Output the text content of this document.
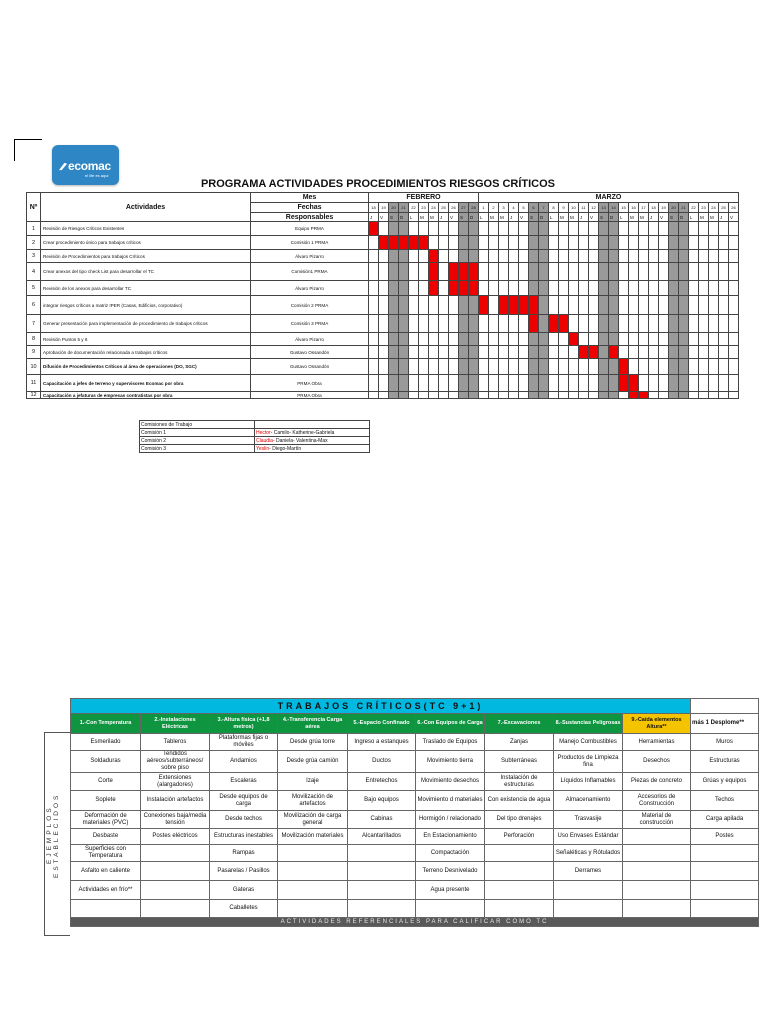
ecomac
el life es aqui
PROGRAMA ACTIVIDADES PROCEDIMIENTOS RIESGOS CRÍTICOS
Nº	Actividades	Mes	FEBRERO											MARZO																									
		Fechas	18	19	20	21	22	23	24	25	26	27	28	1	2	3	4	5	6	7	8	9	10	11	12	13	14	15	16	17	18	19	20	21	22	23	24	25	26
		Responsables	J	V	S	D	L	M	M	J	V	S	D	L	M	M	J	V	S	D	L	M	M	J	V	S	D	L	M	M	J	V	S	D	L	M	M	J	V
1	Revisión de Riesgos Críticos Existentes	Equipo PRMA																																					
2	Crear procedimiento único para trabajos críticos	Comisión 1 PRMA																																					
3	Revisión de Procedimientos para trabajos Críticos	Álvaro Pizarro																																					
4	Crear anexos del tipo check List para desarrollar el TC	Comisión1 PRMA																																					
5	Revisión de los anexos para desarrollar TC	Álvaro Pizarro																																					
6	integrar riesgos críticos a matriz IPER (Casas, Edificios, corporativo)	Comisión 2 PRMA																																					
7	Generar presentación para implementación de procedimiento de trabajos críticos	Comisión 3 PRMA																																					
8	Revisión Puntos 5 y 6	Álvaro Pizarro																																					
9	Aprobación de documentación relacionada a trabajos críticos	Gustavo Ossandón																																					
10	Difusión de Procedimientos Críticos al área de operaciones (DO, SGC)	Gustavo Ossandón																																					
11	Capacitación a jefes de terreno y supervisores Ecomac por obra	PRMA Obra																																					
12	Capacitación a jefaturas de empresas contratistas por obra	PRMA Obra																																					
Comisiones de Trabajo	
Comisión 1	Hector- Camilo- Katherine-Gabriela
Comisión 2	Claudia- Daniela- Valentina-Max
Comisión 3	Yeslin- Diego-Martín
EJEMPLOS ESTABLECIDOS
TRABAJOS CRÍTICOS(TC 9+1)									
1.-Con Temperatura	2.-Instalaciones Eléctricas	3.-Altura física (+1,8 metros)	4.-Transferencia Carga aérea	5.-Espacio Confinado	6.-Con Equipos de Carga	7.-Excavaciones	8.-Sustancias Peligrosas	9.-Caída elementos Altura**	más 1 Desplome**
Esmerilado	Tableros	Plataformas fijas o móviles	Desde grúa torre	Ingreso a estanques	Traslado de Equipos	Zanjas	Manejo Combustibles	Herramientas	Muros
Soldaduras	Tendidos aéreos/subterráneos/ sobre piso	Andamios	Desde grúa camión	Ductos	Movimiento tierra	Subterráneas	Productos de Limpieza fina	Desechos	Estructuras
Corte	Extensiones (alargadores)	Escaleras	Izaje	Entretechos	Movimiento desechos	Instalación de estructuras	Líquidos Inflamables	Piezas de concreto	Grúas y equipos
Soplete	Instalación artefactos	Desde equipos de carga	Movilización de artefactos	Bajo equipos	Movimiento d materiales	Con existencia de agua	Almacenamiento	Accesorios de Construcción	Techos
Deformación de materiales (PVC)	Conexiones baja/media tensión	Desde techos	Movilización de carga general	Cabinas	Hormigón / relacionado	Del tipo drenajes	Trasvasije	Material de construcción	Carga apilada
Desbaste	Postes eléctricos	Estructuras inestables	Movilización materiales	Alcantarillados	En Estacionamiento	Perforación	Uso Envases Estándar		Postes
Superficies con Temperatura		Rampas			Compactación		Señaléticas y Rótulados		
Asfalto en caliente		Pasarelas / Pasillos			Terreno Desnivelado		Derrames		
Actividades en frío**		Gateras			Agua presente				
		Caballetes							
ACTIVIDADES REFERENCIALES PARA CALIFICAR COMO TC									
